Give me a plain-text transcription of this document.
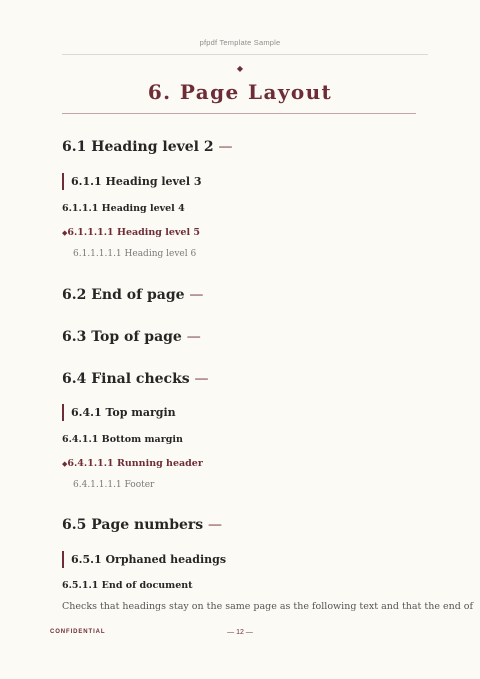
pfpdf Template Sample
◆
6. Page Layout
6.1 Heading level 2 —
6.1.1 Heading level 3
6.1.1.1 Heading level 4
◆6.1.1.1.1 Heading level 5
6.1.1.1.1.1 Heading level 6
6.2 End of page —
6.3 Top of page —
6.4 Final checks —
6.4.1 Top margin
6.4.1.1 Bottom margin
◆6.4.1.1.1 Running header
6.4.1.1.1.1 Footer
6.5 Page numbers —
6.5.1 Orphaned headings
6.5.1.1 End of document
Checks that headings stay on the same page as the following text and that the end of
CONFIDENTIAL	— 12 —
